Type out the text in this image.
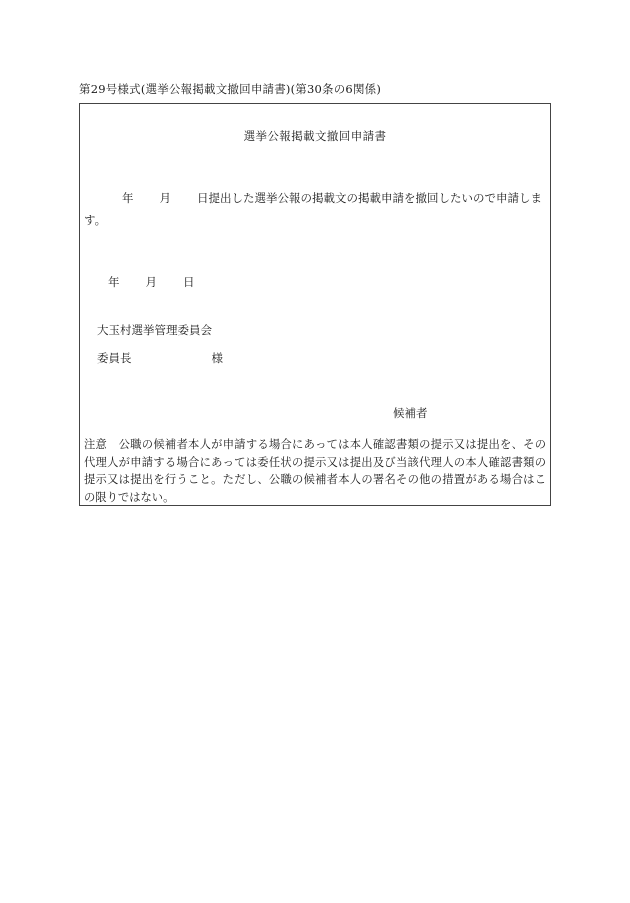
第29号様式(選挙公報掲載文撤回申請書)(第30条の6関係)
選挙公報掲載文撤回申請書
年 月 日提出した選挙公報の掲載文の掲載申請を撤回したいので申請しま
す。
年 月 日
大玉村選挙管理委員会
委員長	様
候補者
注意　公職の候補者本人が申請する場合にあっては本人確認書類の提示又は提出を、その代理人が申請する場合にあっては委任状の提示又は提出及び当該代理人の本人確認書類の提示又は提出を行うこと。ただし、公職の候補者本人の署名その他の措置がある場合はこの限りではない。
